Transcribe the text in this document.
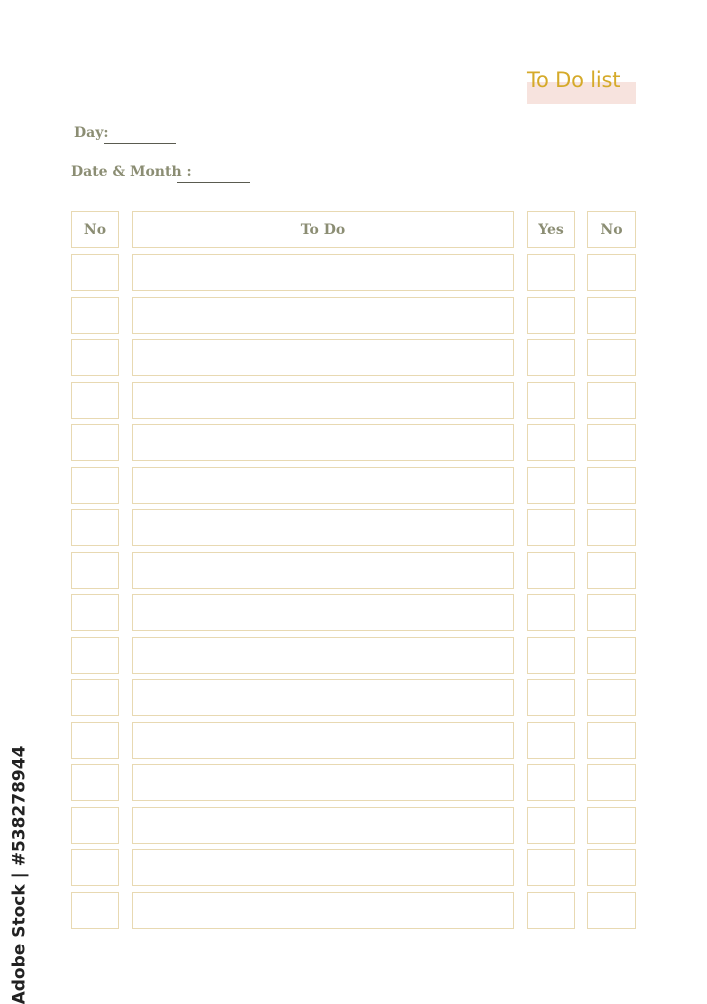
To Do list
Day:
Date & Month :
No	To Do	Yes	No
Adobe Stock | #538278944
